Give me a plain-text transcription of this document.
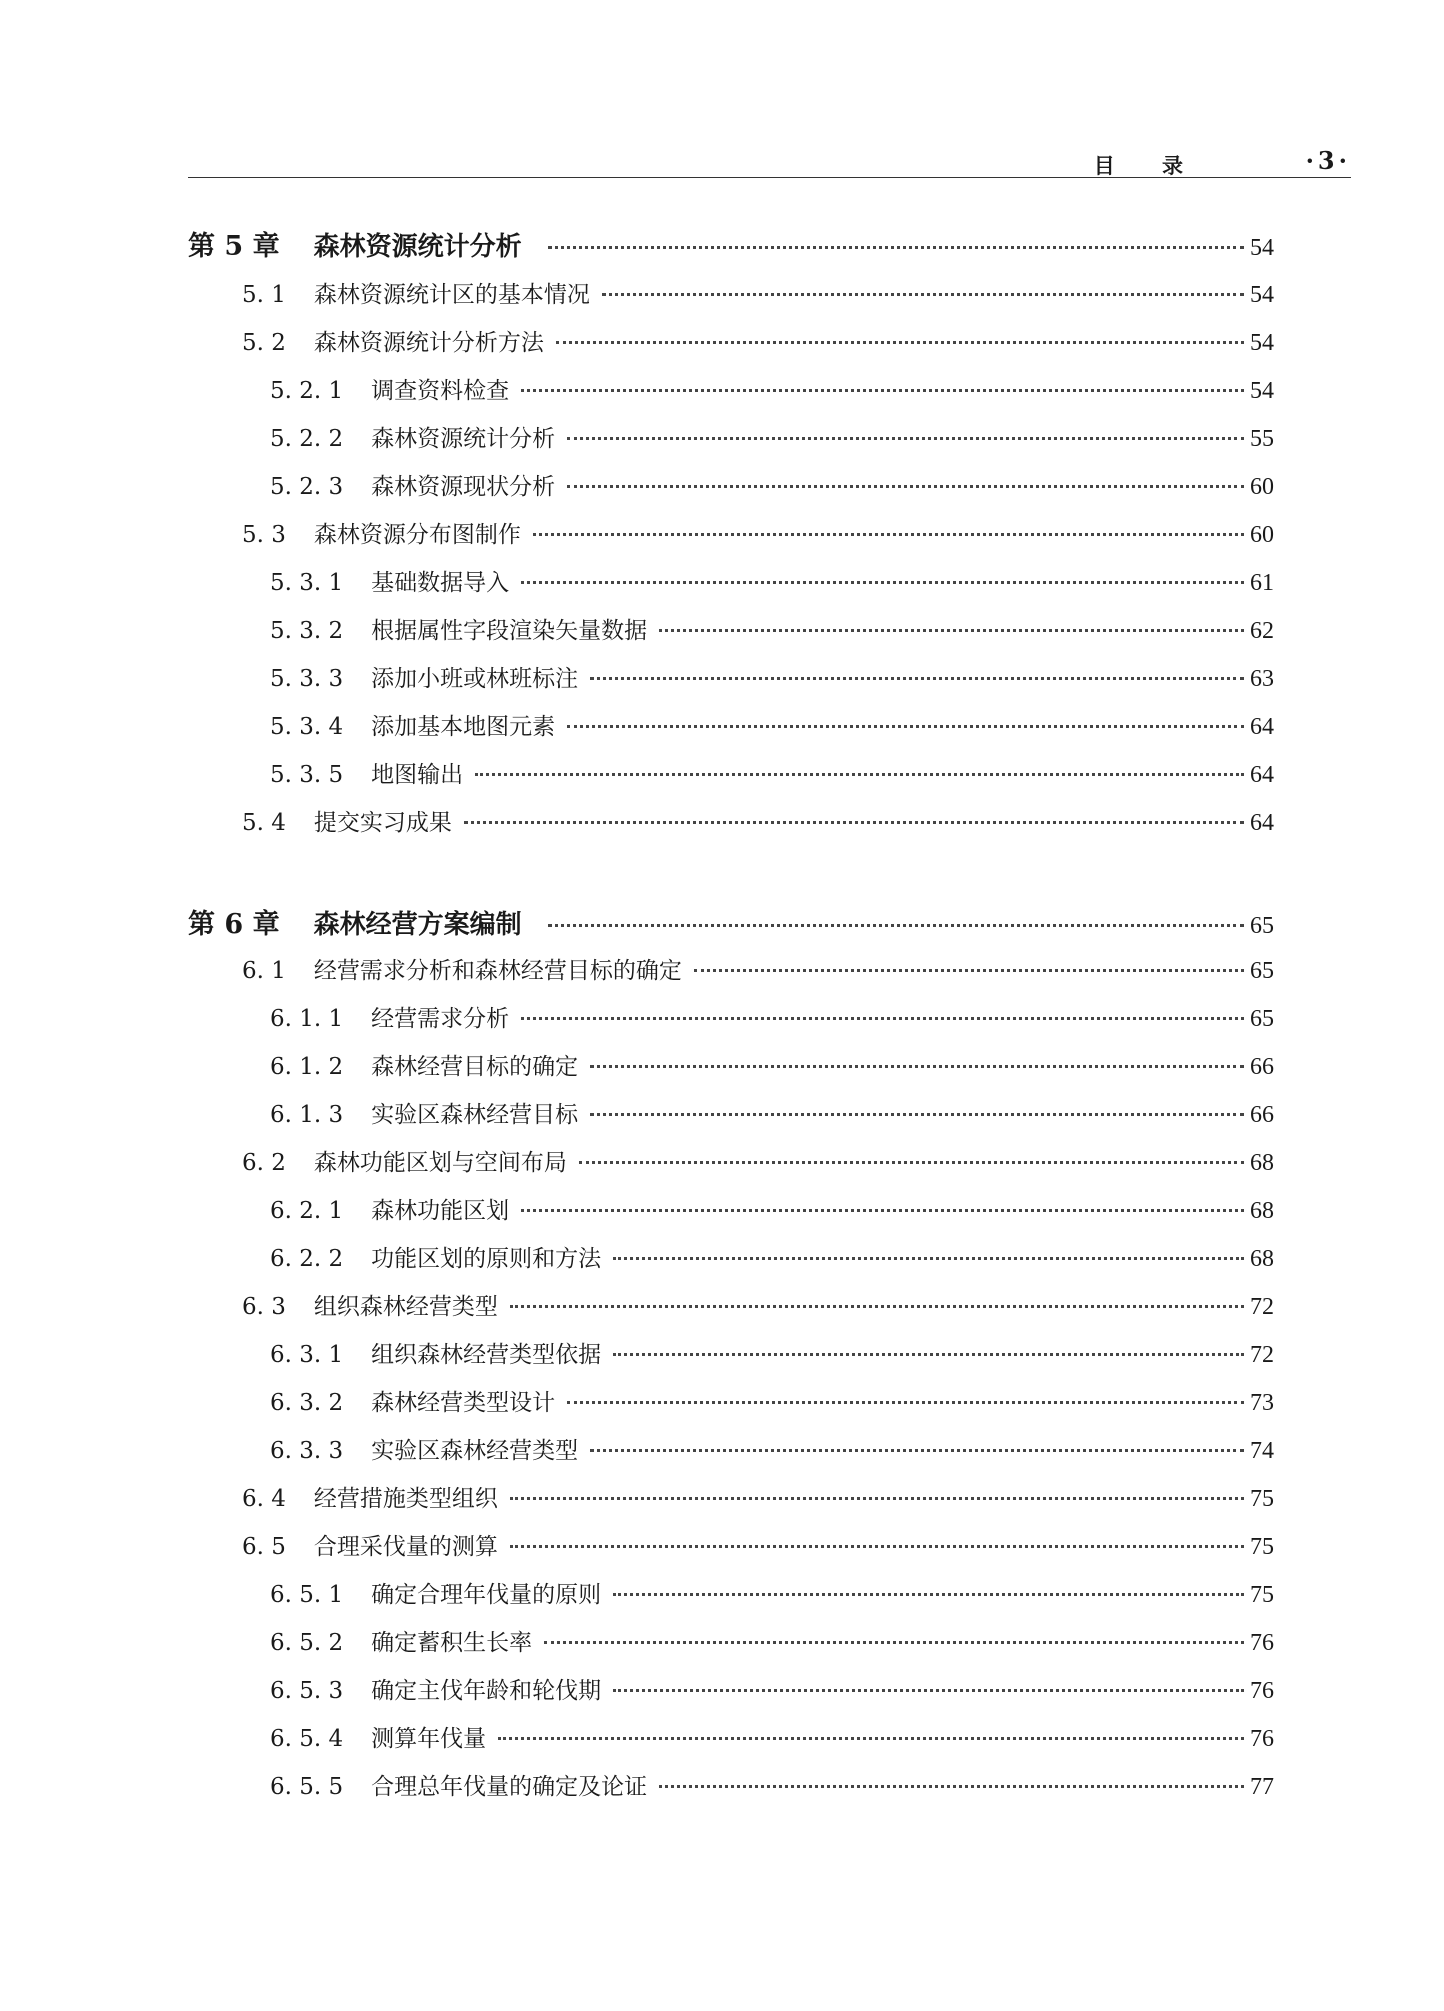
目 录	·3·
第 5 章 森林资源统计分析	54
5. 1 森林资源统计区的基本情况	54
5. 2 森林资源统计分析方法	54
5. 2. 1 调查资料检查	54
5. 2. 2 森林资源统计分析	55
5. 2. 3 森林资源现状分析	60
5. 3 森林资源分布图制作	60
5. 3. 1 基础数据导入	61
5. 3. 2 根据属性字段渲染矢量数据	62
5. 3. 3 添加小班或林班标注	63
5. 3. 4 添加基本地图元素	64
5. 3. 5 地图输出	64
5. 4 提交实习成果	64
第 6 章 森林经营方案编制	65
6. 1 经营需求分析和森林经营目标的确定	65
6. 1. 1 经营需求分析	65
6. 1. 2 森林经营目标的确定	66
6. 1. 3 实验区森林经营目标	66
6. 2 森林功能区划与空间布局	68
6. 2. 1 森林功能区划	68
6. 2. 2 功能区划的原则和方法	68
6. 3 组织森林经营类型	72
6. 3. 1 组织森林经营类型依据	72
6. 3. 2 森林经营类型设计	73
6. 3. 3 实验区森林经营类型	74
6. 4 经营措施类型组织	75
6. 5 合理采伐量的测算	75
6. 5. 1 确定合理年伐量的原则	75
6. 5. 2 确定蓄积生长率	76
6. 5. 3 确定主伐年龄和轮伐期	76
6. 5. 4 测算年伐量	76
6. 5. 5 合理总年伐量的确定及论证	77
